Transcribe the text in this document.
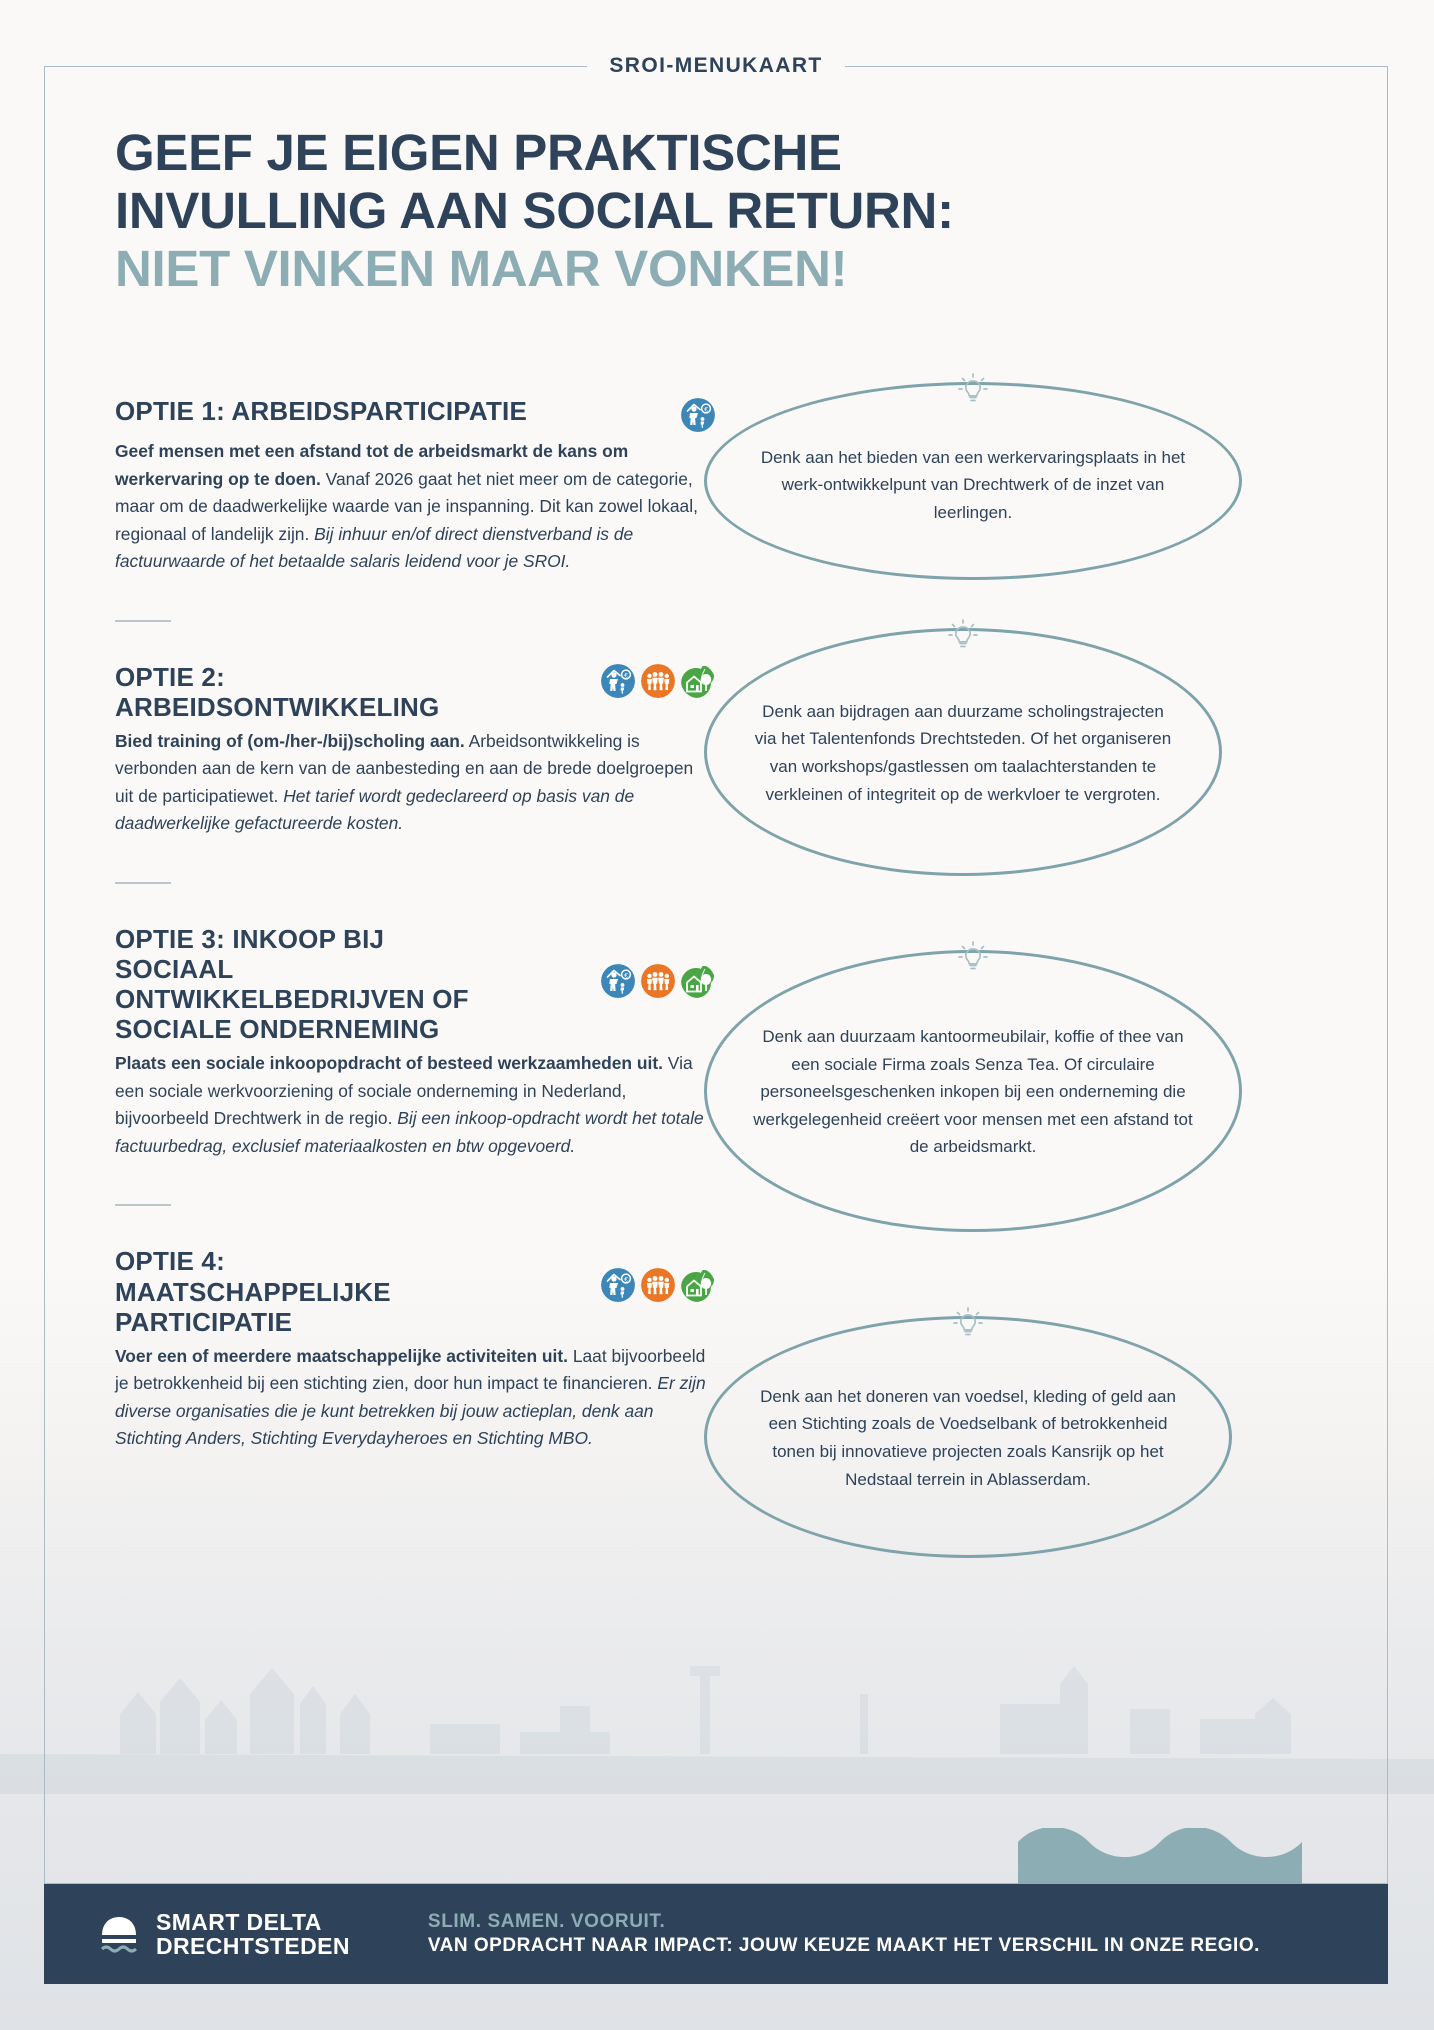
SROI-MENUKAART
GEEF JE EIGEN PRAKTISCHE
INVULLING AAN SOCIAL RETURN:
NIET VINKEN MAAR VONKEN!
OPTIE 1: ARBEIDSPARTICIPATIE	€

Geef mensen met een afstand tot de arbeidsmarkt de kans om werkervaring op te doen. Vanaf 2026 gaat het niet meer om de categorie, maar om de daadwerkelijke waarde van je inspanning. Dit kan zowel lokaal, regionaal of landelijk zijn. Bij inhuur en/of direct dienstverband is de factuurwaarde of het betaalde salaris leidend voor je SROI.

OPTIE 2: ARBEIDSONTWIKKELING
€

Bied training of (om-/her-/bij)scholing aan. Arbeidsontwikkeling is verbonden aan de kern van de aanbesteding en aan de brede doelgroepen uit de participatiewet. Het tarief wordt gedeclareerd op basis van de daadwerkelijke gefactureerde kosten.

OPTIE 3: INKOOP BIJ SOCIAAL ONTWIKKELBEDRIJVEN OF SOCIALE ONDERNEMING
€

Plaats een sociale inkoopopdracht of besteed werkzaamheden uit. Via een sociale werkvoorziening of sociale onderneming in Nederland, bijvoorbeeld Drechtwerk in de regio. Bij een inkoop-opdracht wordt het totale factuurbedrag, exclusief materiaalkosten en btw opgevoerd.

OPTIE 4: MAATSCHAPPELIJKE PARTICIPATIE
€

Voer een of meerdere maatschappelijke activiteiten uit. Laat bijvoorbeeld je betrokkenheid bij een stichting zien, door hun impact te financieren. Er zijn diverse organisaties die je kunt betrekken bij jouw actieplan, denk aan Stichting Anders, Stichting Everydayheroes en Stichting MBO.

Denk aan het bieden van een werkervaringsplaats in het werk-ontwikkelpunt van Drechtwerk of de inzet van leerlingen.
Denk aan bijdragen aan duurzame scholingstrajecten via het Talentenfonds Drechtsteden. Of het organiseren van workshops/gastlessen om taalachterstanden te verkleinen of integriteit op de werkvloer te vergroten.
Denk aan duurzaam kantoormeubilair, koffie of thee van een sociale Firma zoals Senza Tea. Of circulaire personeelsgeschenken inkopen bij een onderneming die werkgelegenheid creëert voor mensen met een afstand tot de arbeidsmarkt.
Denk aan het doneren van voedsel, kleding of geld aan een Stichting zoals de Voedselbank of betrokkenheid tonen bij innovatieve projecten zoals Kansrijk op het Nedstaal terrein in Ablasserdam.
SMART DELTA
DRECHTSTEDEN
SLIM. SAMEN. VOORUIT.
VAN OPDRACHT NAAR IMPACT: JOUW KEUZE MAAKT HET VERSCHIL IN ONZE REGIO.
